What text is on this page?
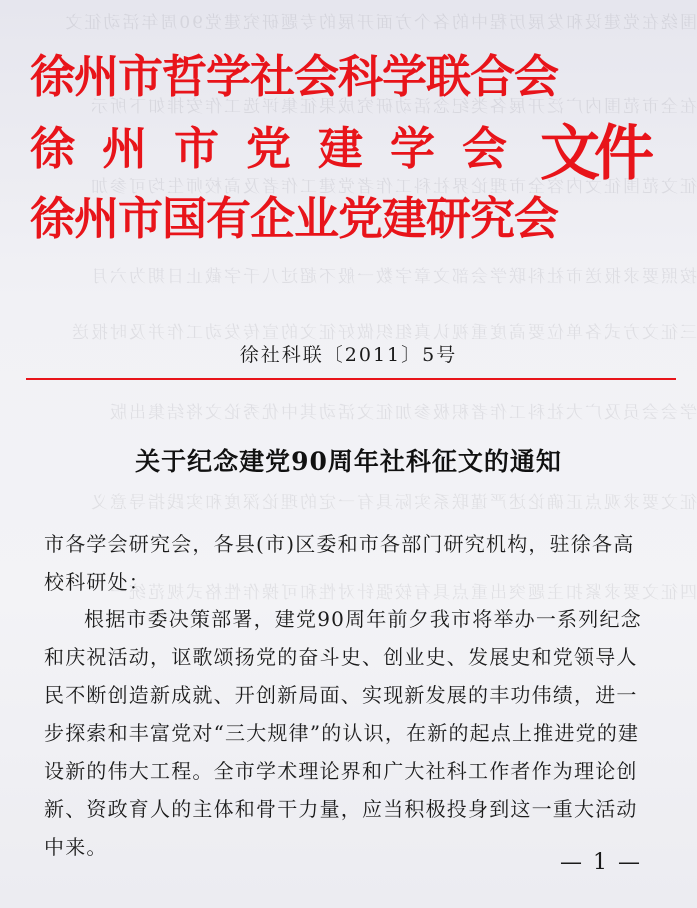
围绕在党建设和发展历程中的各个方面开展的专题研究建党90周年活动征文
在全市范围内广泛开展各类纪念活动研究成果征集评选工作安排如下所示
征文范围征文内容全市理论界社科工作者党建工作者及高校师生均可参加
按照要求报送市社科联学会部文章字数一般不超过八千字截止日期为六月
三征文方式各单位要高度重视认真组织做好征文的宣传发动工作并及时报送
学会会员及广大社科工作者积极参加征文活动其中优秀论文将结集出版
征文要求观点正确论述严谨联系实际具有一定的理论深度和实践指导意义
四征文要求紧扣主题突出重点具有较强针对性和可操作性格式规范统一
徐州市哲学社会科学联合会
徐州市党建学会 文件
徐州市国有企业党建研究会
徐社科联〔2011〕5号
关于纪念建党90周年社科征文的通知
市各学会研究会，各县(市)区委和市各部门研究机构，驻徐各高校科研处：
根据市委决策部署，建党90周年前夕我市将举办一系列纪念和庆祝活动，讴歌颂扬党的奋斗史、创业史、发展史和党领导人民不断创造新成就、开创新局面、实现新发展的丰功伟绩，进一步探索和丰富党对“三大规律”的认识，在新的起点上推进党的建设新的伟大工程。全市学术理论界和广大社科工作者作为理论创新、资政育人的主体和骨干力量，应当积极投身到这一重大活动中来。
— 1 —
